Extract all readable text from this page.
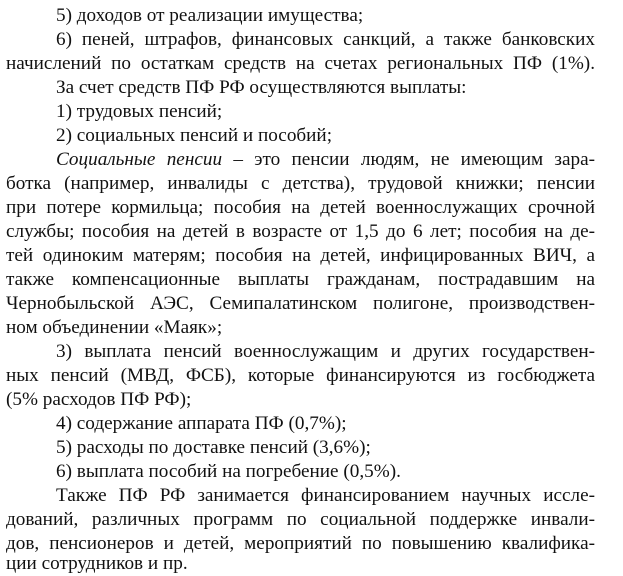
5) доходов от реализации имущества;
6) пеней, штрафов, финансовых санкций, а также банковских
начислений по остаткам средств на счетах региональных ПФ (1%).
За счет средств ПФ РФ осуществляются выплаты:
1) трудовых пенсий;
2) социальных пенсий и пособий;
Социальные пенсии – это пенсии людям, не имеющим зара-
ботка (например, инвалиды с детства), трудовой книжки; пенсии
при потере кормильца; пособия на детей военнослужащих срочной
службы; пособия на детей в возрасте от 1,5 до 6 лет; пособия на де-
тей одиноким матерям; пособия на детей, инфицированных ВИЧ, а
также компенсационные выплаты гражданам, пострадавшим на
Чернобыльской АЭС, Семипалатинском полигоне, производствен-
ном объединении «Маяк»;
3) выплата пенсий военнослужащим и других государствен-
ных пенсий (МВД, ФСБ), которые финансируются из госбюджета
(5% расходов ПФ РФ);
4) содержание аппарата ПФ (0,7%);
5) расходы по доставке пенсий (3,6%);
6) выплата пособий на погребение (0,5%).
Также ПФ РФ занимается финансированием научных иссле-
дований, различных программ по социальной поддержке инвали-
дов, пенсионеров и детей, мероприятий по повышению квалифика-
ции сотрудников и пр.
